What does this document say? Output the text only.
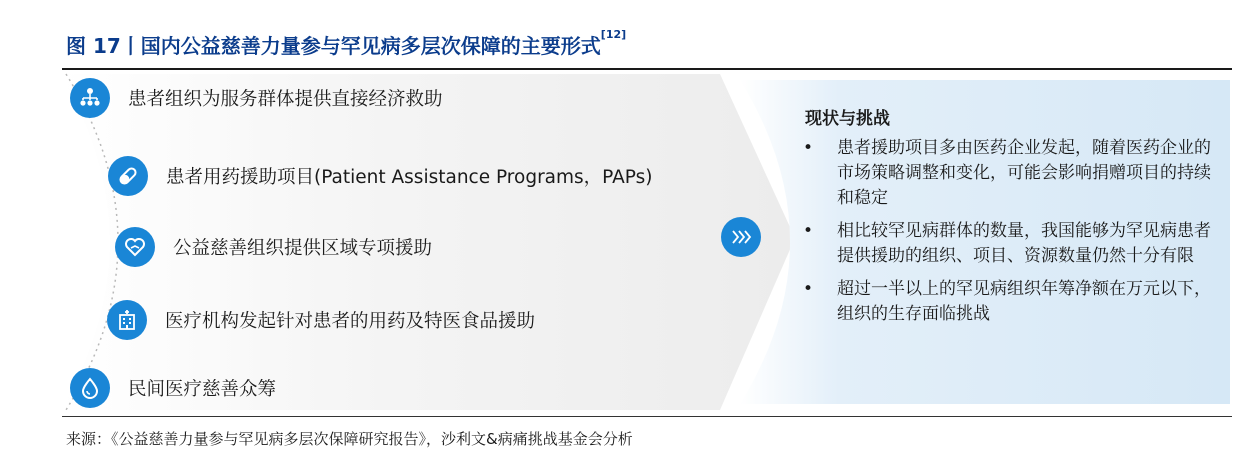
图 17丨国内公益慈善力量参与罕见病多层次保障的主要形式[12]
患者组织为服务群体提供直接经济救助
患者用药援助项目(Patient Assistance Programs，PAPs)
公益慈善组织提供区域专项援助
医疗机构发起针对患者的用药及特医食品援助
民间医疗慈善众筹
现状与挑战
• 患者援助项目多由医药企业发起，随着医药企业的市场策略调整和变化，可能会影响捐赠项目的持续和稳定
• 相比较罕见病群体的数量，我国能够为罕见病患者提供援助的组织、项目、资源数量仍然十分有限
• 超过一半以上的罕见病组织年筹净额在万元以下，组织的生存面临挑战
来源：《公益慈善力量参与罕见病多层次保障研究报告》，沙利文&病痛挑战基金会分析
